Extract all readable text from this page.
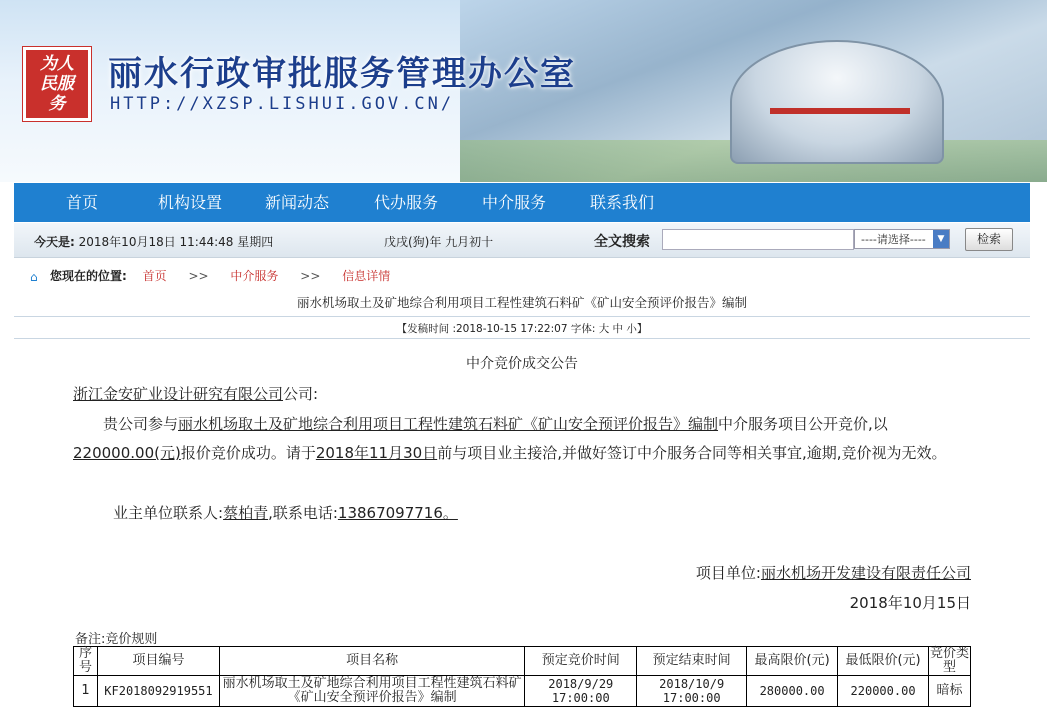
为人民服务
丽水行政审批服务管理办公室
HTTP://XZSP.LISHUI.GOV.CN/
首页	机构设置	新闻动态	代办服务	中介服务	联系我们
今天是: 2018年10月18日 11:44:48 星期四	戊戌(狗)年 九月初十	全文搜索	----请选择----	▼	检索
⌂ 您现在的位置: 首页 >> 中介服务 >> 信息详情
丽水机场取土及矿地综合利用项目工程性建筑石料矿《矿山安全预评价报告》编制
【发稿时间 :2018-10-15 17:22:07 字体: 大 中 小】
中介竞价成交公告
浙江金安矿业设计研究有限公司公司:
贵公司参与丽水机场取土及矿地综合利用项目工程性建筑石料矿《矿山安全预评价报告》编制中介服务项目公开竞价,以220000.00(元)报价竞价成功。请于2018年11月30日前与项目业主接洽,并做好签订中介服务合同等相关事宜,逾期,竞价视为无效。
业主单位联系人:蔡柏青,联系电话:13867097716。
项目单位:丽水机场开发建设有限责任公司
2018年10月15日
备注:竞价规则
序号	项目编号	项目名称	预定竞价时间	预定结束时间	最高限价(元)	最低限价(元)	竞价类型
1	KF2018092919551	丽水机场取土及矿地综合利用项目工程性建筑石料矿《矿山安全预评价报告》编制	2018/9/29 17:00:00	2018/10/9 17:00:00	280000.00	220000.00	暗标
